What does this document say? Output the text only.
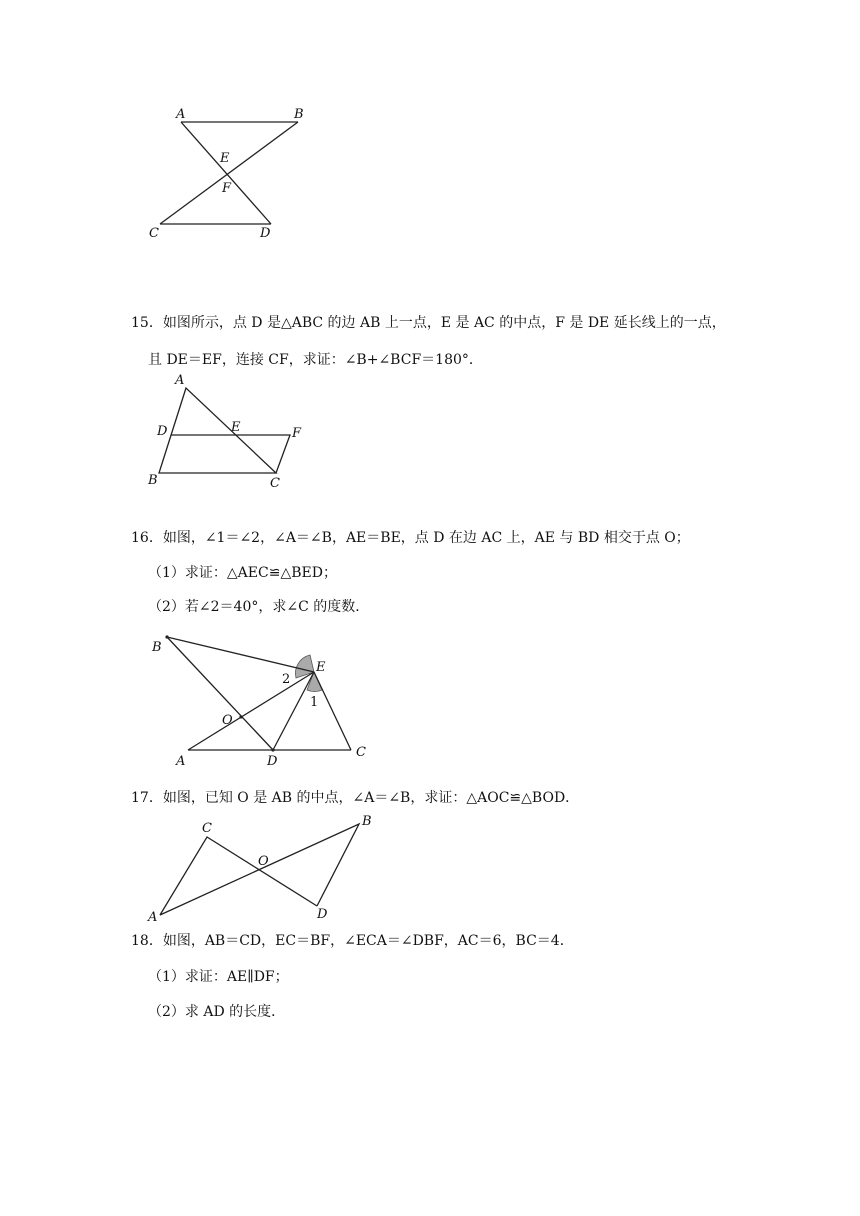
A	B
E
F
C	D
15．如图所示，点 D 是△ABC 的边 AB 上一点，E 是 AC 的中点，F 是 DE 延长线上的一点，
且 DE＝EF，连接 CF，求证：∠B+∠BCF＝180°．
A
D	E	F
B	C
16．如图，∠1＝∠2，∠A＝∠B，AE＝BE，点 D 在边 AC 上，AE 与 BD 相交于点 O；
（1）求证：△AEC≌△BED；
（2）若∠2＝40°，求∠C 的度数．
B
E
2
1
O
A	D
C
17．如图，已知 O 是 AB 的中点，∠A＝∠B，求证：△AOC≌△BOD．
C
O
B
A	D
18．如图，AB＝CD，EC＝BF，∠ECA＝∠DBF，AC＝6，BC＝4．
（1）求证：AE∥DF；
（2）求 AD 的长度．
